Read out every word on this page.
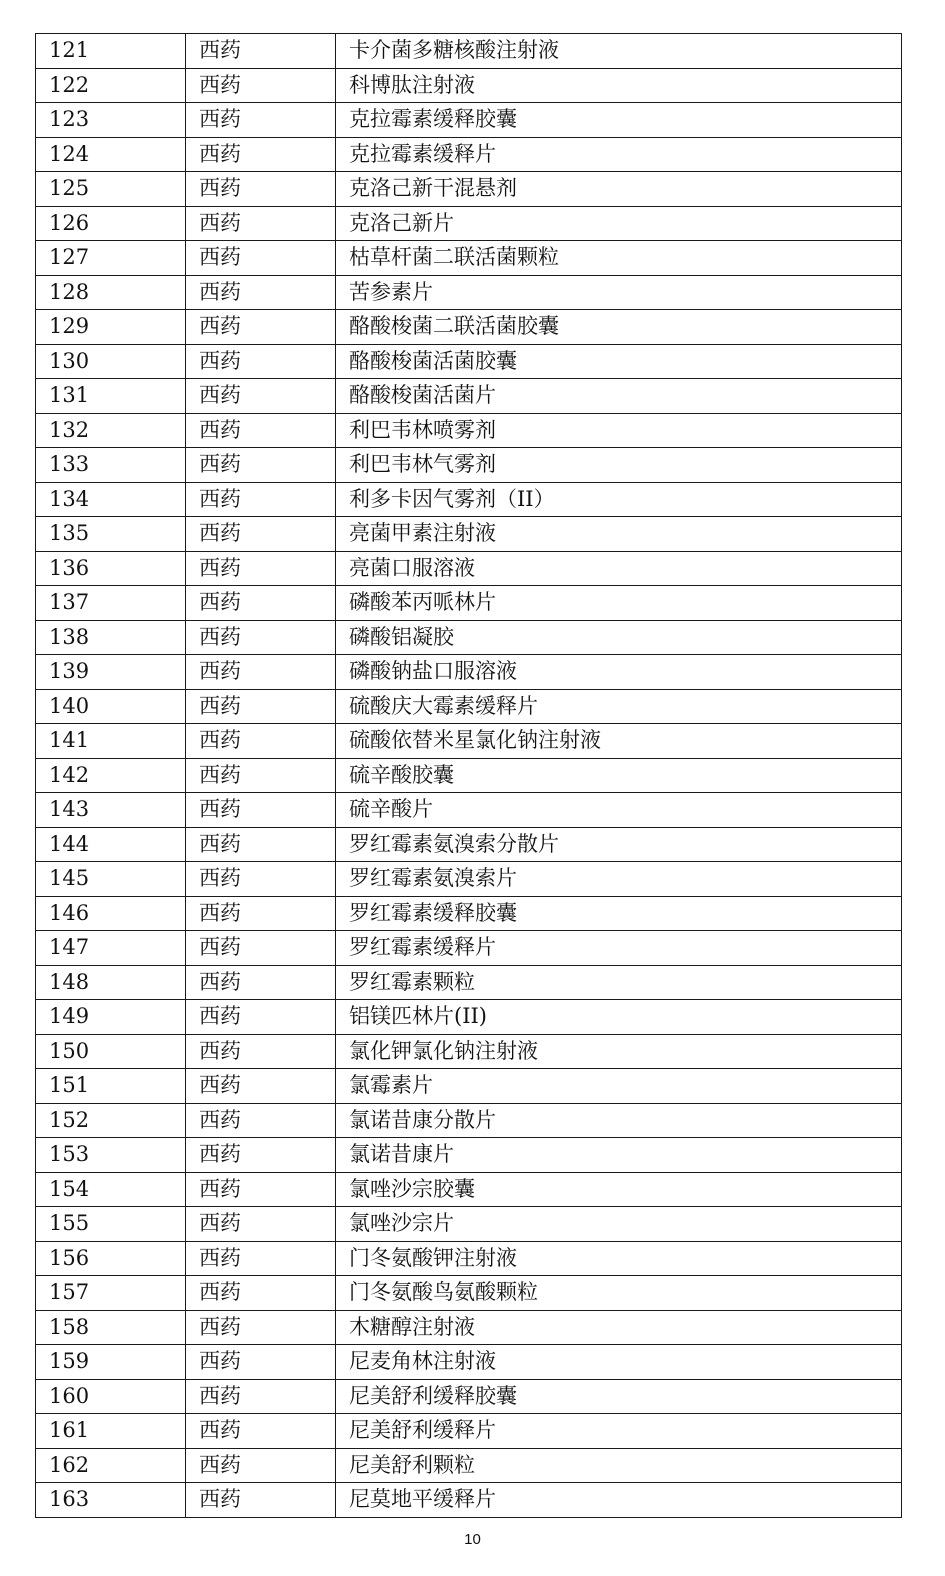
121	西药	卡介菌多糖核酸注射液
122	西药	科博肽注射液
123	西药	克拉霉素缓释胶囊
124	西药	克拉霉素缓释片
125	西药	克洛己新干混悬剂
126	西药	克洛己新片
127	西药	枯草杆菌二联活菌颗粒
128	西药	苦参素片
129	西药	酪酸梭菌二联活菌胶囊
130	西药	酪酸梭菌活菌胶囊
131	西药	酪酸梭菌活菌片
132	西药	利巴韦林喷雾剂
133	西药	利巴韦林气雾剂
134	西药	利多卡因气雾剂（II）
135	西药	亮菌甲素注射液
136	西药	亮菌口服溶液
137	西药	磷酸苯丙哌林片
138	西药	磷酸铝凝胶
139	西药	磷酸钠盐口服溶液
140	西药	硫酸庆大霉素缓释片
141	西药	硫酸依替米星氯化钠注射液
142	西药	硫辛酸胶囊
143	西药	硫辛酸片
144	西药	罗红霉素氨溴索分散片
145	西药	罗红霉素氨溴索片
146	西药	罗红霉素缓释胶囊
147	西药	罗红霉素缓释片
148	西药	罗红霉素颗粒
149	西药	铝镁匹林片(II)
150	西药	氯化钾氯化钠注射液
151	西药	氯霉素片
152	西药	氯诺昔康分散片
153	西药	氯诺昔康片
154	西药	氯唑沙宗胶囊
155	西药	氯唑沙宗片
156	西药	门冬氨酸钾注射液
157	西药	门冬氨酸鸟氨酸颗粒
158	西药	木糖醇注射液
159	西药	尼麦角林注射液
160	西药	尼美舒利缓释胶囊
161	西药	尼美舒利缓释片
162	西药	尼美舒利颗粒
163	西药	尼莫地平缓释片
10
